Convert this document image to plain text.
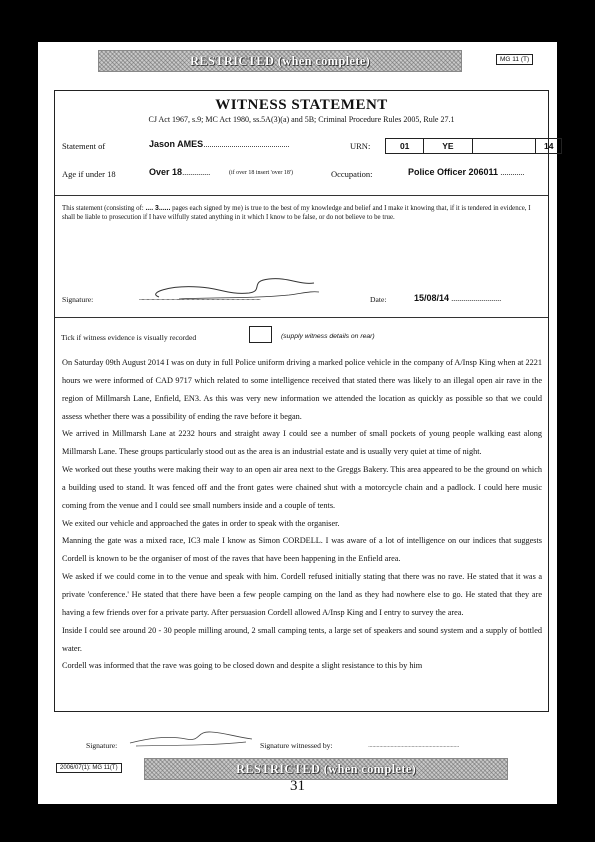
RESTRICTED (when complete)	MG 11 (T)
WITNESS STATEMENT
CJ Act 1967, s.9; MC Act 1980, ss.5A(3)(a) and 5B; Criminal Procedure Rules 2005, Rule 27.1
Statement of	Jason AMES...........................................	URN:	01	YE	14
Age if under 18	Over 18..............	(if over 18 insert 'over 18')	Occupation:	Police Officer 206011 ............
This statement (consisting of: .... 3...... pages each signed by me) is true to the best of my knowledge and belief and I make it knowing that, if it is tendered in evidence, I shall be liable to prosecution if I have wilfully stated anything in it which I know to be false, or do not believe to be true.
Signature:	.................................................................................................	Date:	15/08/14 .........................
Tick if witness evidence is visually recorded	(supply witness details on rear)

On Saturday 09th August 2014 I was on duty in full Police uniform driving a marked police vehicle in the company of A/Insp King when at 2221 hours we were informed of CAD 9717 which related to some intelligence received that stated there was likely to an illegal open air rave in the region of Millmarsh Lane, Enfield, EN3. As this was very new information we attended the location as quickly as possible so that we could assess whether there was a possibility of ending the rave before it began.

We arrived in Millmarsh Lane at 2232 hours and straight away I could see a number of small pockets of young people walking east along Millmarsh Lane. These groups particularly stood out as the area is an industrial estate and is usually very quiet at time of night.

We worked out these youths were making their way to an open air area next to the Greggs Bakery. This area appeared to be the ground on which a building used to stand. It was fenced off and the front gates were chained shut with a motorcycle chain and a padlock. I could here music coming from the venue and I could see small numbers inside and a couple of tents.

We exited our vehicle and approached the gates in order to speak with the organiser.

Manning the gate was a mixed race, IC3 male I know as Simon CORDELL. I was aware of a lot of intelligence on our indices that suggests Cordell is known to be the organiser of most of the raves that have been happening in the Enfield area.

We asked if we could come in to the venue and speak with him. Cordell refused initially stating that there was no rave. He stated that it was a private 'conference.' He stated that there have been a few people camping on the land as they had nowhere else to go. He stated that they are having a few friends over for a private party. After persuasion Cordell allowed A/Insp King and I entry to survey the area.

Inside I could see around 20 - 30 people milling around, 2 small camping tents, a large set of speakers and sound system and a supply of bottled water.

Cordell was informed that the rave was going to be closed down and despite a slight resistance to this by him

Signature:	Signature witnessed by:	.................................................................
2006/07(1): MG 11(T)	RESTRICTED (when complete)
31
